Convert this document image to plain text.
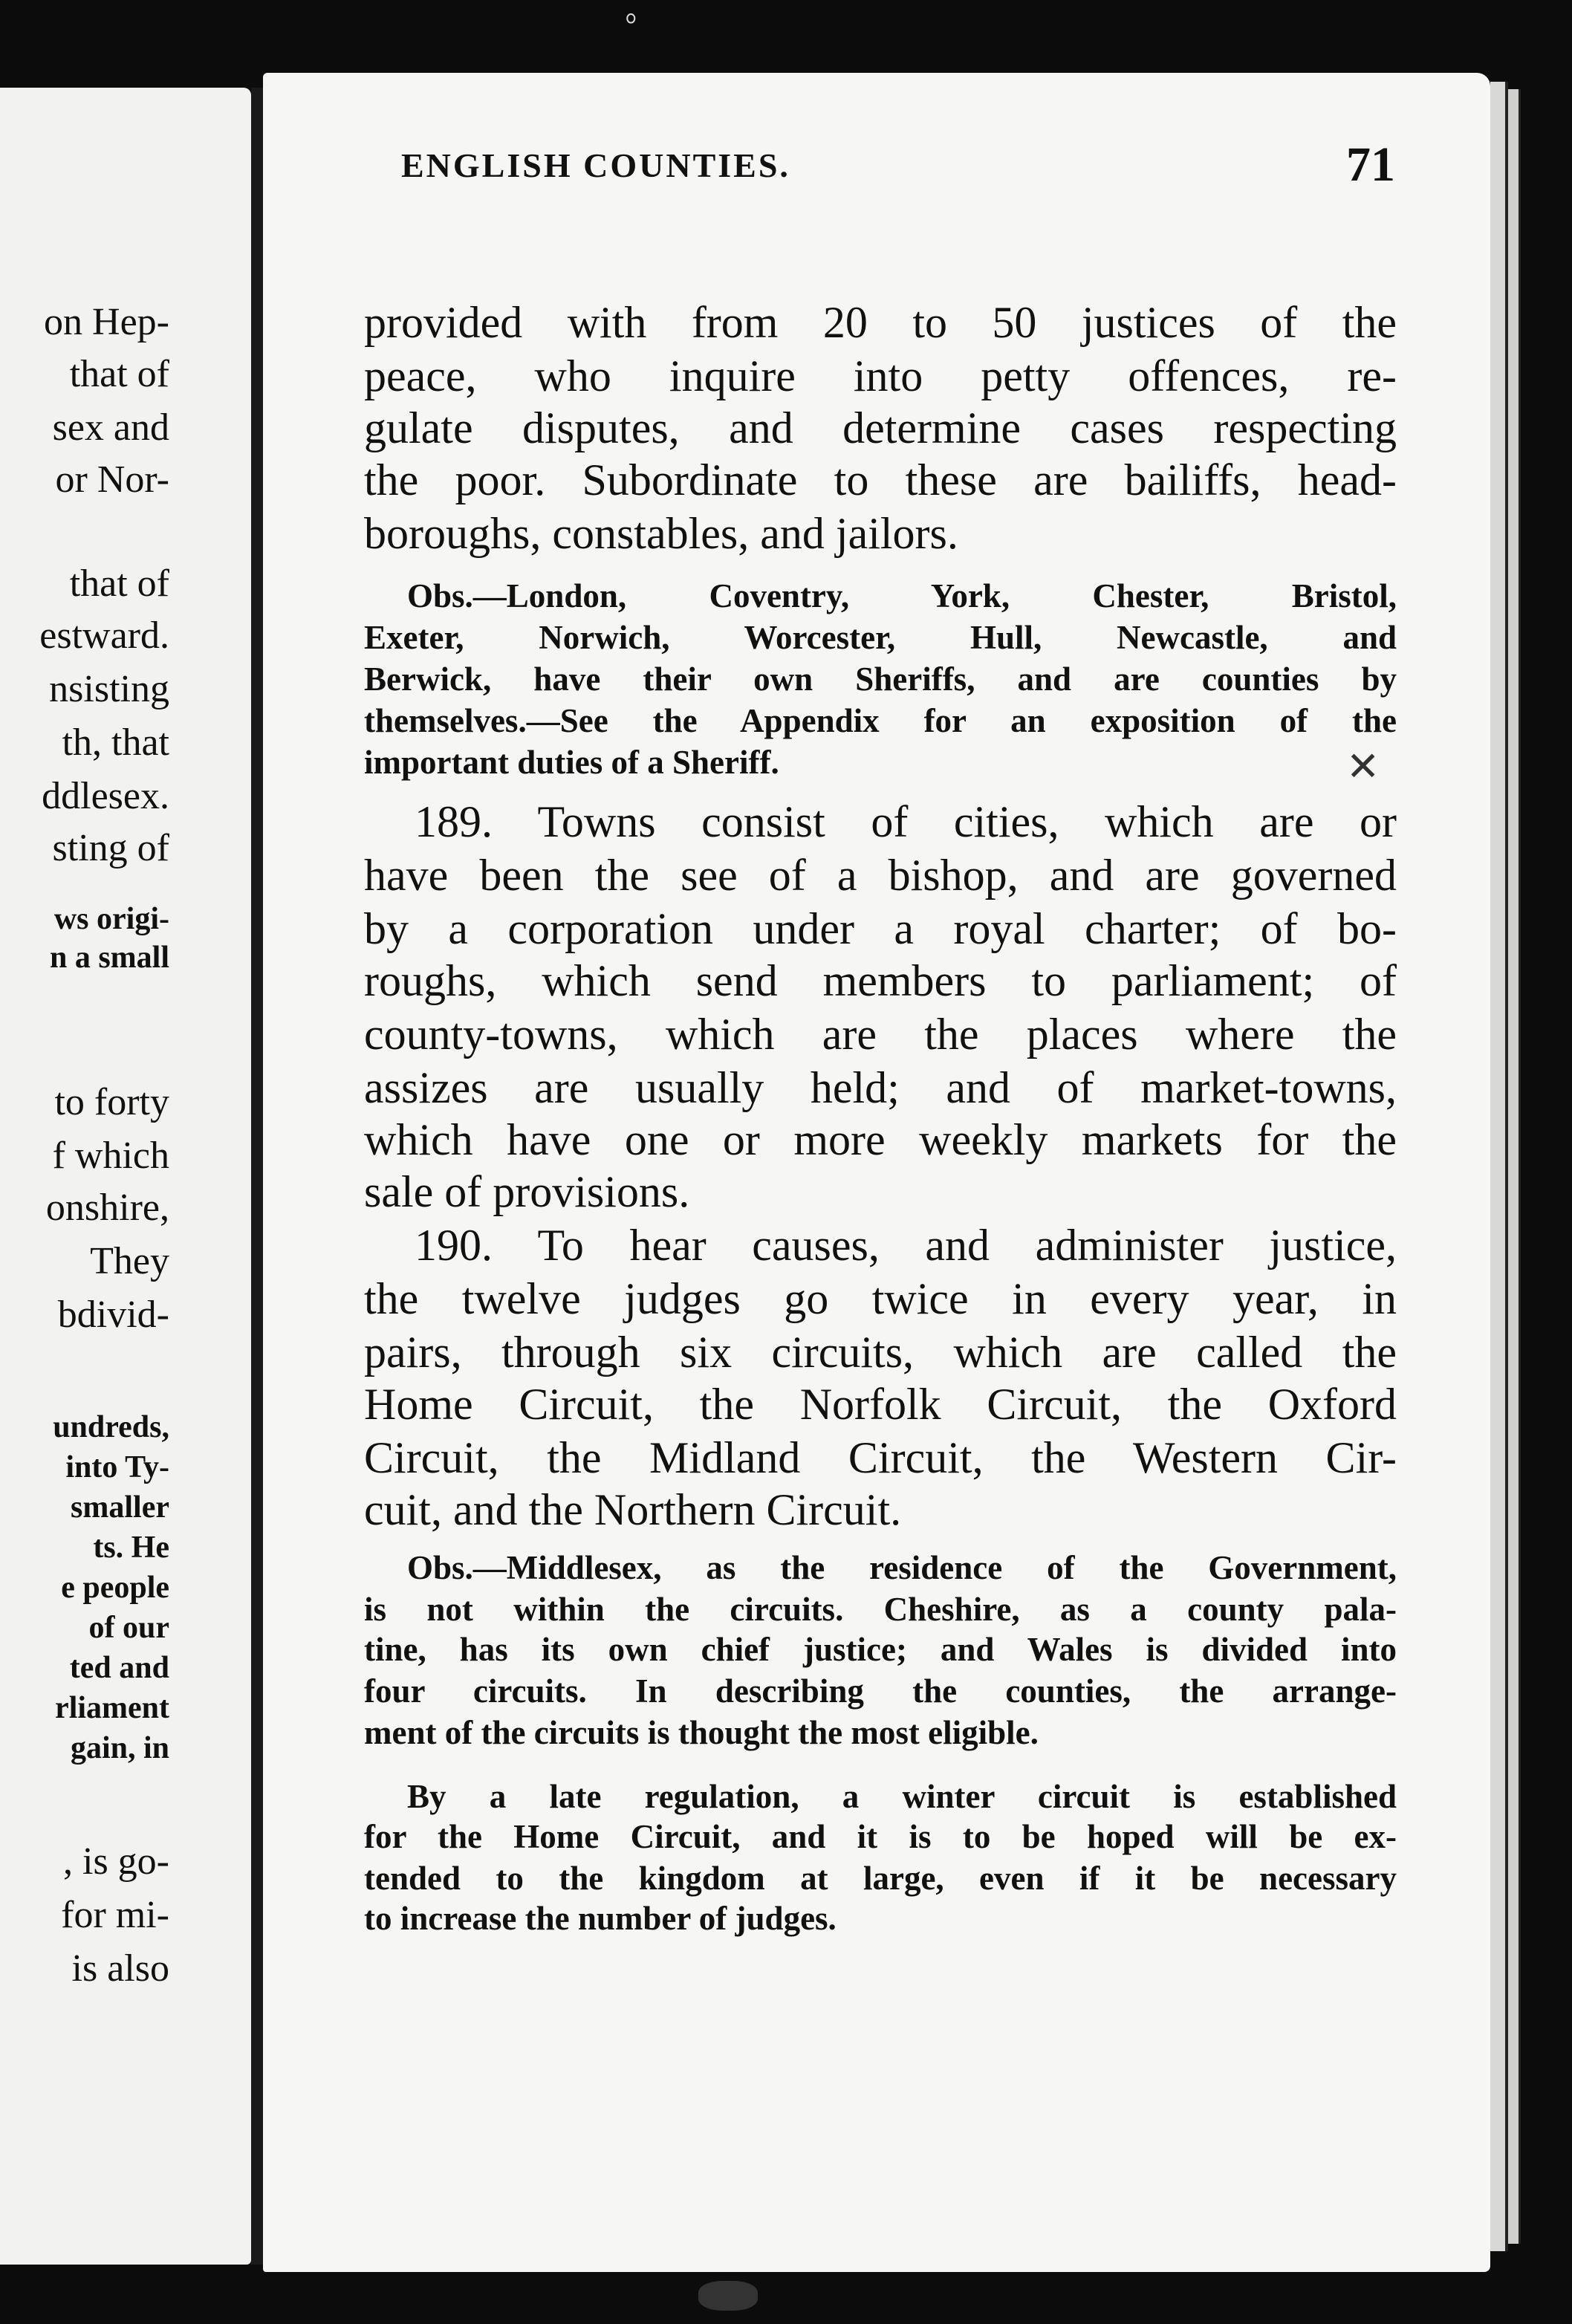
ﾟ
on Hep-
that of
sex and
or Nor-
that of
estward.
nsisting
th, that
ddlesex.
sting of
ws origi-
n a small
to forty
f which
onshire,
They
bdivid-
undreds,
into Ty-
smaller
ts. He
e people
of our
ted and
rliament
gain, in
, is go-
for mi-
is also
ENGLISH COUNTIES.	71
provided with from 20 to 50 justices of the
peace, who inquire into petty offences, re-
gulate disputes, and determine cases respecting
the poor. Subordinate to these are bailiffs, head-
boroughs, constables, and jailors.
Obs.—London, Coventry, York, Chester, Bristol,
Exeter, Norwich, Worcester, Hull, Newcastle, and
Berwick, have their own Sheriffs, and are counties by
themselves.—See the Appendix for an exposition of the
important duties of a Sheriff.	✕
189. Towns consist of cities, which are or
have been the see of a bishop, and are governed
by a corporation under a royal charter; of bo-
roughs, which send members to parliament; of
county-towns, which are the places where the
assizes are usually held; and of market-towns,
which have one or more weekly markets for the
sale of provisions.
190. To hear causes, and administer justice,
the twelve judges go twice in every year, in
pairs, through six circuits, which are called the
Home Circuit, the Norfolk Circuit, the Oxford
Circuit, the Midland Circuit, the Western Cir-
cuit, and the Northern Circuit.
Obs.—Middlesex, as the residence of the Government,
is not within the circuits. Cheshire, as a county pala-
tine, has its own chief justice; and Wales is divided into
four circuits. In describing the counties, the arrange-
ment of the circuits is thought the most eligible.
By a late regulation, a winter circuit is established
for the Home Circuit, and it is to be hoped will be ex-
tended to the kingdom at large, even if it be necessary
to increase the number of judges.
